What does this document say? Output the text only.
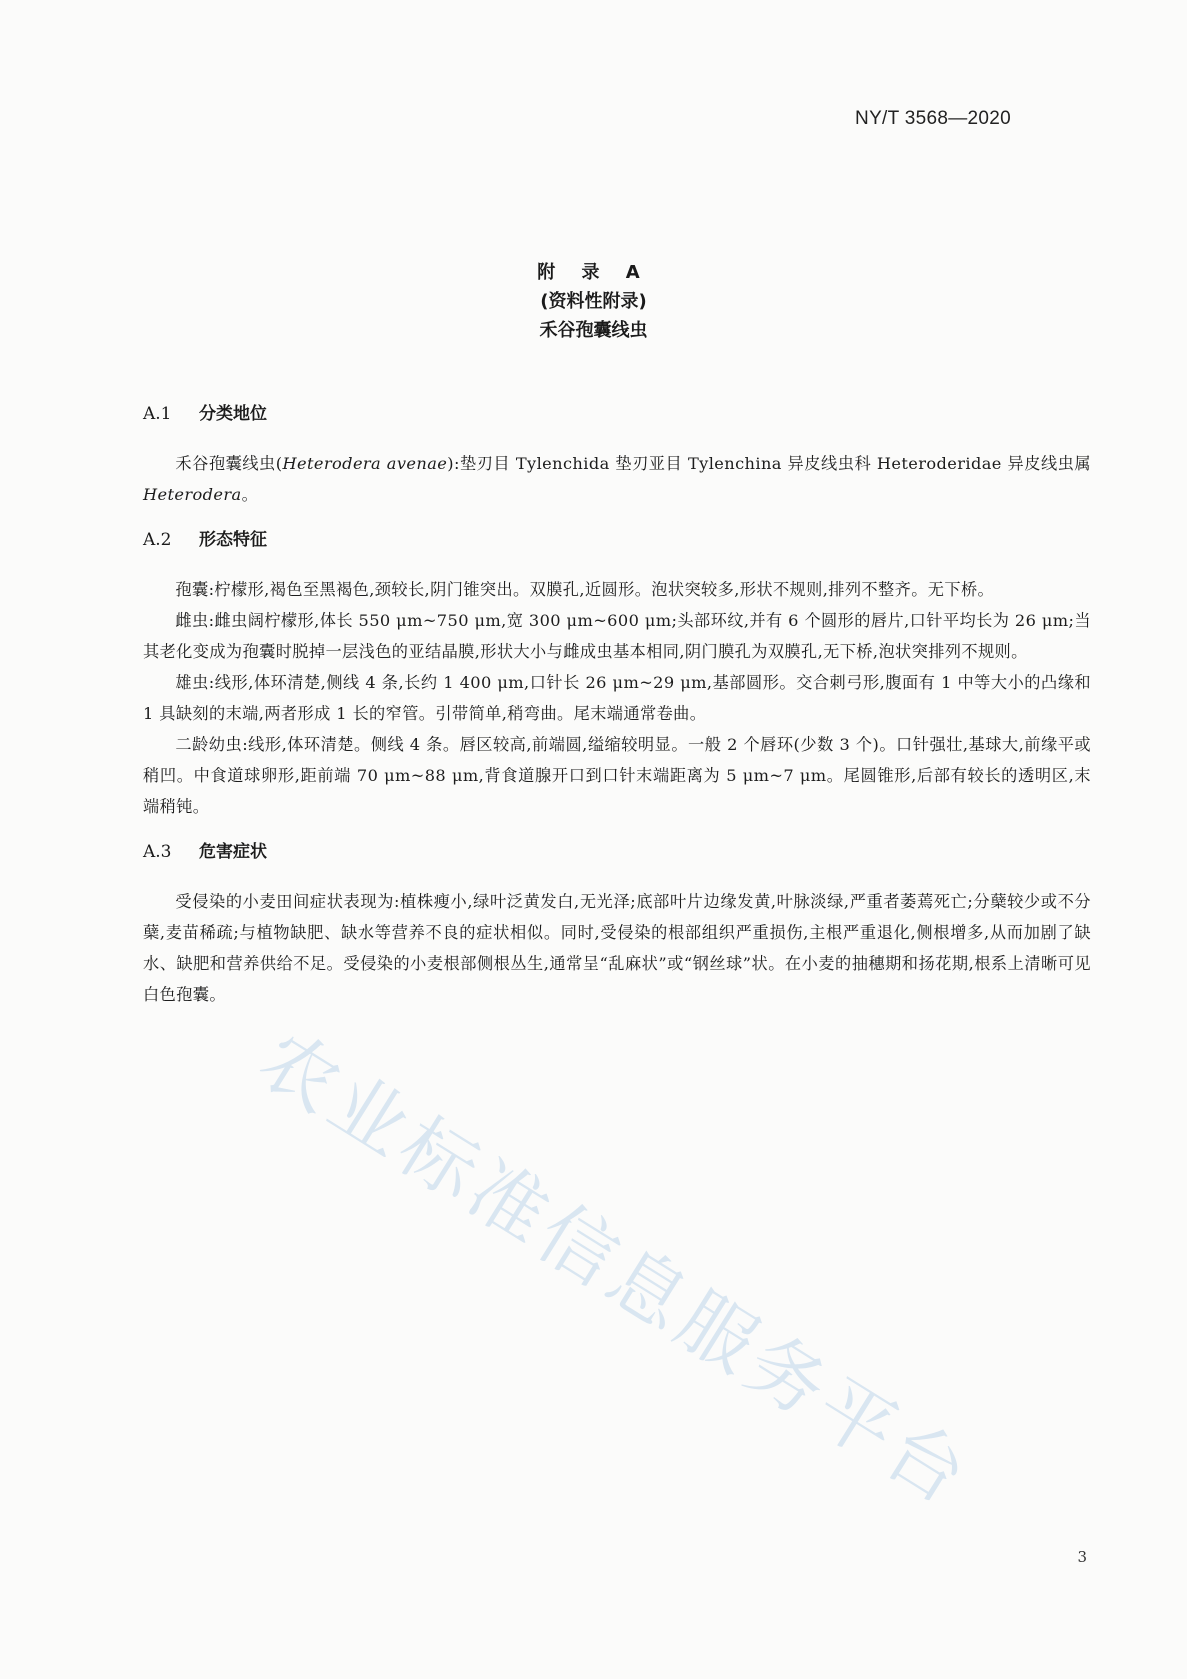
NY/T 3568—2020
附 录 A
(资料性附录)
禾谷孢囊线虫
A.1 分类地位

禾谷孢囊线虫(Heterodera avenae):垫刃目 Tylenchida 垫刃亚目 Tylenchina 异皮线虫科 Heteroderidae 异皮线虫属 Heterodera。

A.2 形态特征

孢囊:柠檬形,褐色至黑褐色,颈较长,阴门锥突出。双膜孔,近圆形。泡状突较多,形状不规则,排列不整齐。无下桥。

雌虫:雌虫阔柠檬形,体长 550 μm~750 μm,宽 300 μm~600 μm;头部环纹,并有 6 个圆形的唇片,口针平均长为 26 μm;当其老化变成为孢囊时脱掉一层浅色的亚结晶膜,形状大小与雌成虫基本相同,阴门膜孔为双膜孔,无下桥,泡状突排列不规则。

雄虫:线形,体环清楚,侧线 4 条,长约 1 400 μm,口针长 26 μm~29 μm,基部圆形。交合刺弓形,腹面有 1 中等大小的凸缘和 1 具缺刻的末端,两者形成 1 长的窄管。引带简单,稍弯曲。尾末端通常卷曲。

二龄幼虫:线形,体环清楚。侧线 4 条。唇区较高,前端圆,缢缩较明显。一般 2 个唇环(少数 3 个)。口针强壮,基球大,前缘平或稍凹。中食道球卵形,距前端 70 μm~88 μm,背食道腺开口到口针末端距离为 5 μm~7 μm。尾圆锥形,后部有较长的透明区,末端稍钝。

A.3 危害症状

受侵染的小麦田间症状表现为:植株瘦小,绿叶泛黄发白,无光泽;底部叶片边缘发黄,叶脉淡绿,严重者萎蔫死亡;分蘖较少或不分蘖,麦苗稀疏;与植物缺肥、缺水等营养不良的症状相似。同时,受侵染的根部组织严重损伤,主根严重退化,侧根增多,从而加剧了缺水、缺肥和营养供给不足。受侵染的小麦根部侧根丛生,通常呈“乱麻状”或“钢丝球”状。在小麦的抽穗期和扬花期,根系上清晰可见白色孢囊。

农业标准信息服务平台
3
